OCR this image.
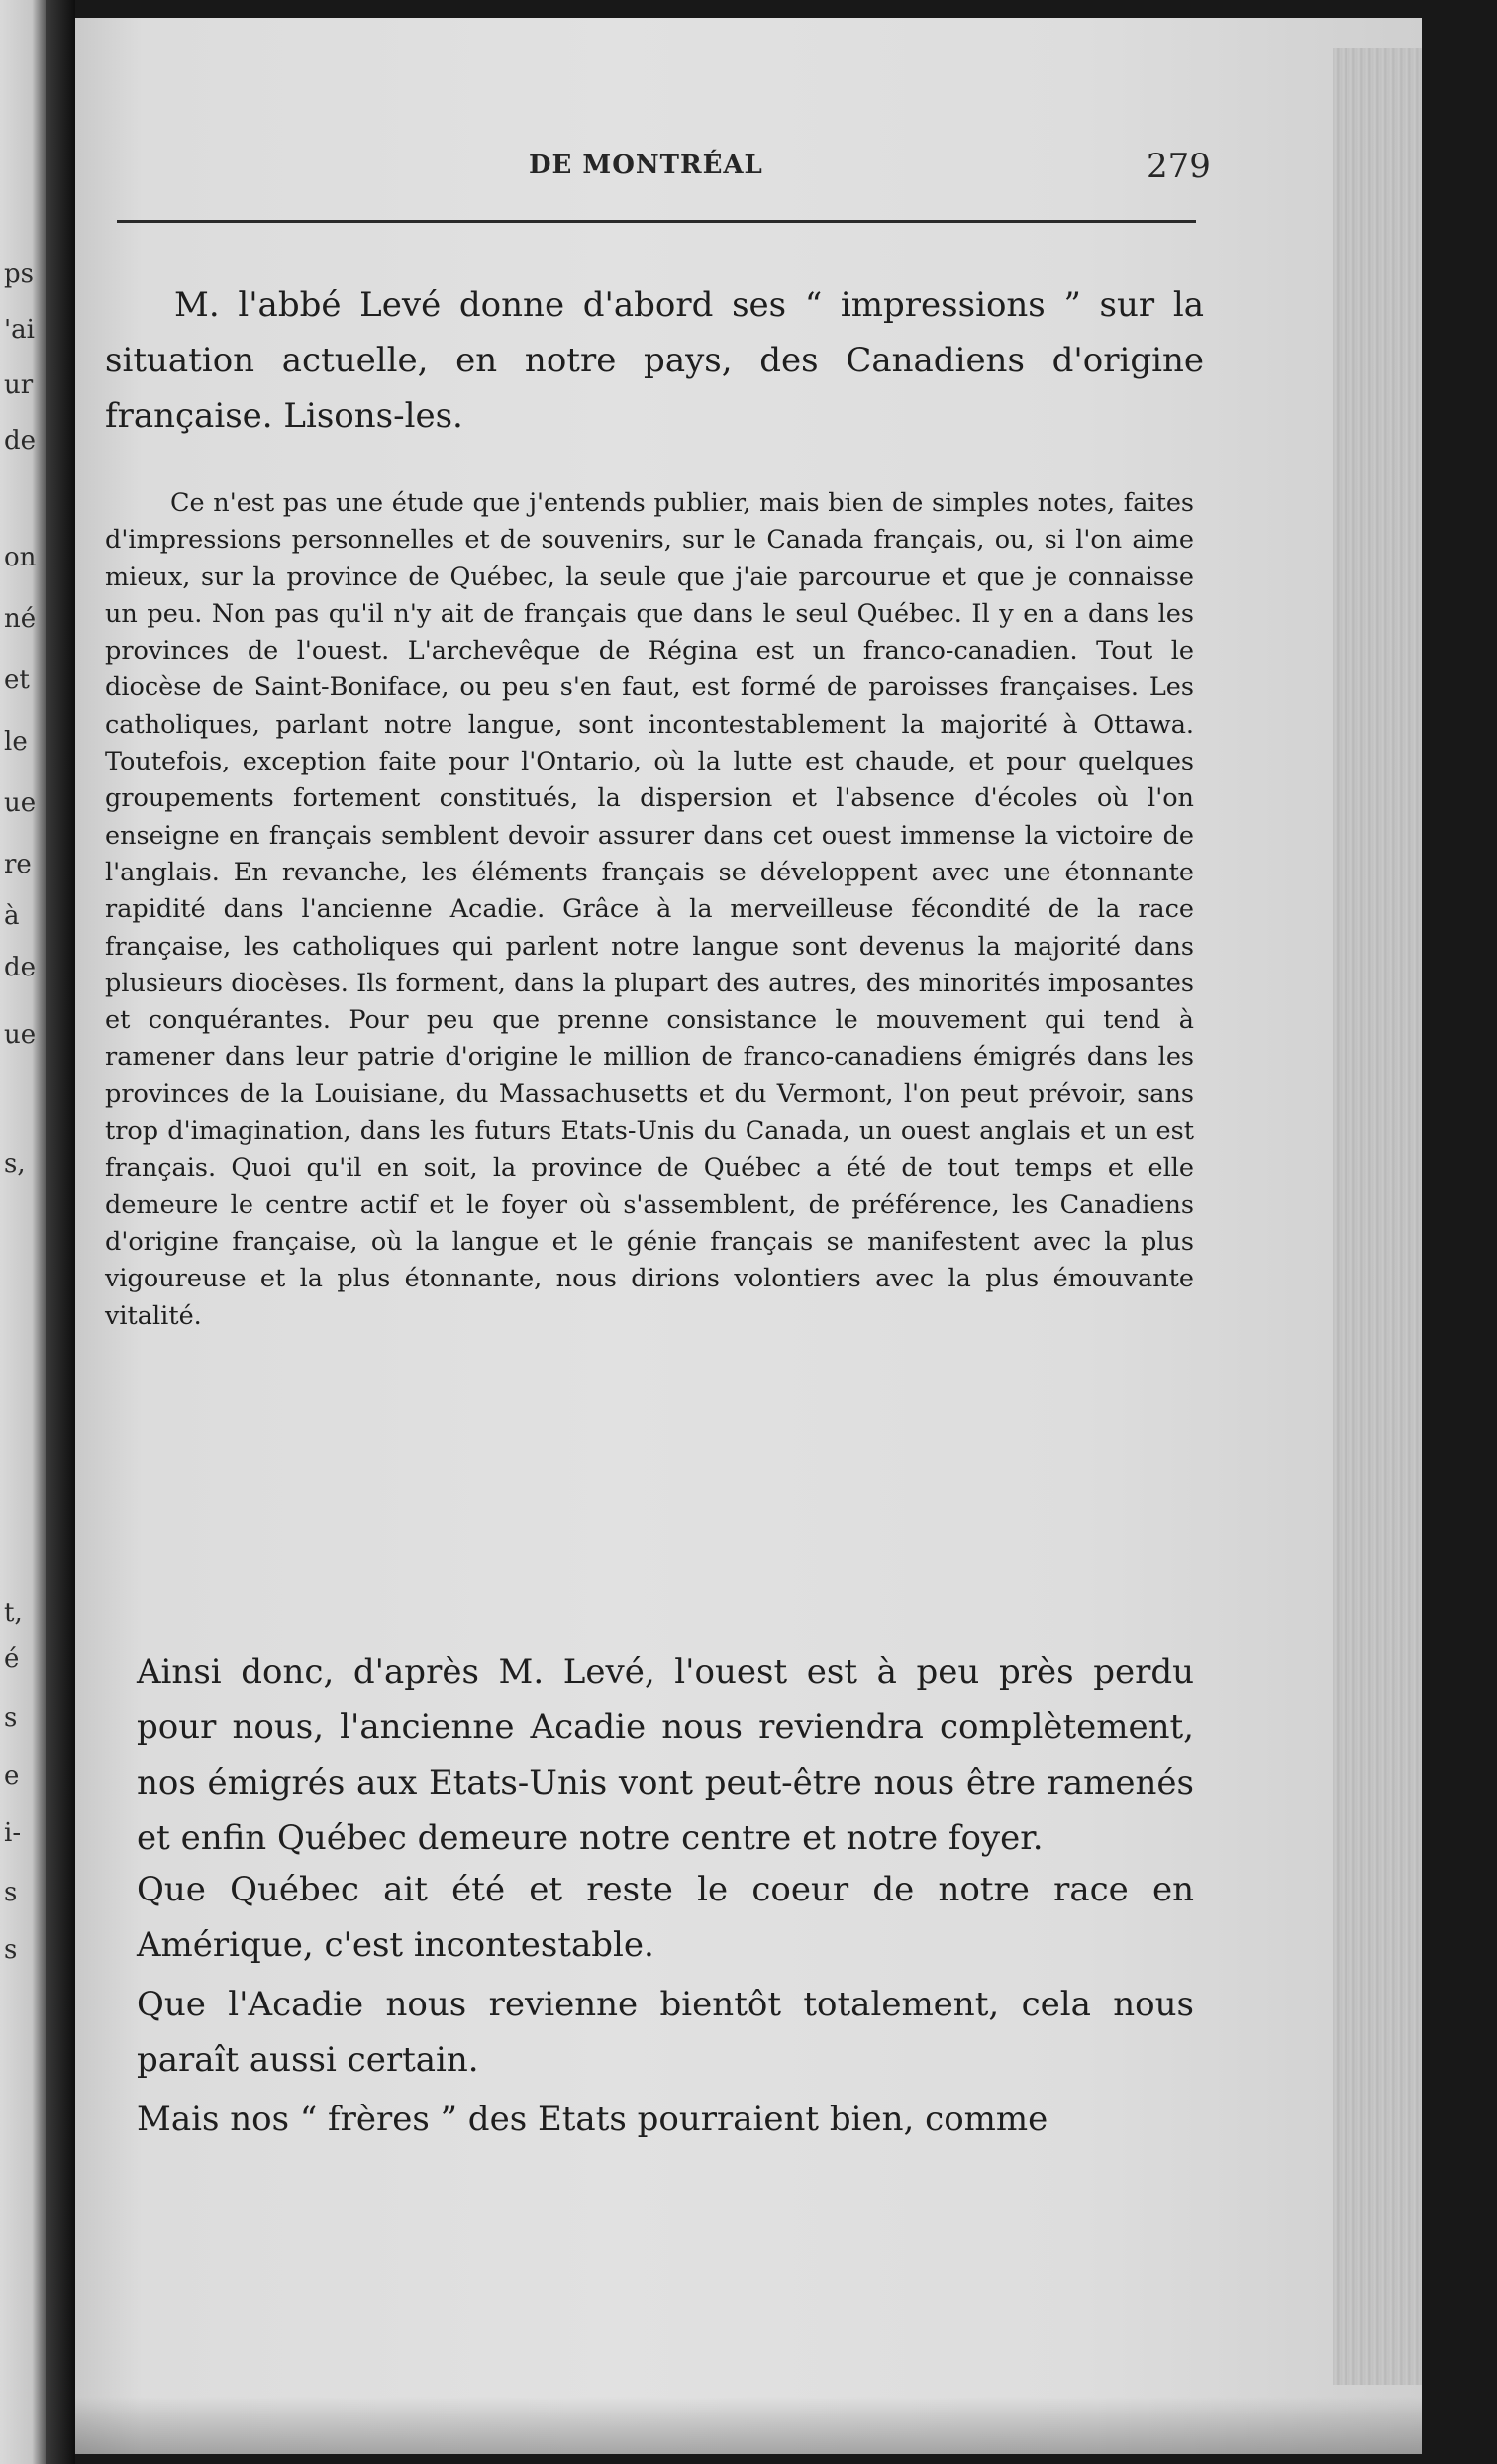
ps
'ai
ur
de
on
né
et
le
ue
re
à
de
ue
s,
t,
é
s
e
i-
s
s
DE MONTRÉAL	279

M. l'abbé Levé donne d'abord ses “ impressions ” sur la situation actuelle, en notre pays, des Canadiens d'origine française. Lisons-les.

Ce n'est pas une étude que j'entends publier, mais bien de simples notes, faites d'impressions personnelles et de souvenirs, sur le Canada français, ou, si l'on aime mieux, sur la province de Québec, la seule que j'aie parcourue et que je connaisse un peu. Non pas qu'il n'y ait de français que dans le seul Québec. Il y en a dans les provinces de l'ouest. L'archevêque de Régina est un franco-canadien. Tout le diocèse de Saint-Boniface, ou peu s'en faut, est formé de paroisses françaises. Les catholiques, parlant notre langue, sont incontestablement la majorité à Ottawa. Toutefois, exception faite pour l'Ontario, où la lutte est chaude, et pour quelques groupements fortement constitués, la dispersion et l'absence d'écoles où l'on enseigne en français semblent devoir assurer dans cet ouest immense la victoire de l'anglais. En revanche, les éléments français se développent avec une étonnante rapidité dans l'ancienne Acadie. Grâce à la merveilleuse fécondité de la race française, les catholiques qui parlent notre langue sont devenus la majorité dans plusieurs diocèses. Ils forment, dans la plupart des autres, des minorités imposantes et conquérantes. Pour peu que prenne consistance le mouvement qui tend à ramener dans leur patrie d'origine le million de franco-canadiens émigrés dans les provinces de la Louisiane, du Massachusetts et du Vermont, l'on peut prévoir, sans trop d'imagination, dans les futurs Etats-Unis du Canada, un ouest anglais et un est français. Quoi qu'il en soit, la province de Québec a été de tout temps et elle demeure le centre actif et le foyer où s'assemblent, de préférence, les Canadiens d'origine française, où la langue et le génie français se manifestent avec la plus vigoureuse et la plus étonnante, nous dirions volontiers avec la plus émouvante vitalité.

Ainsi donc, d'après M. Levé, l'ouest est à peu près perdu pour nous, l'ancienne Acadie nous reviendra complètement, nos émigrés aux Etats-Unis vont peut-être nous être ramenés et enfin Québec demeure notre centre et notre foyer.

Que Québec ait été et reste le coeur de notre race en Amérique, c'est incontestable.

Que l'Acadie nous revienne bientôt totalement, cela nous paraît aussi certain.

Mais nos “ frères ” des Etats pourraient bien, comme
